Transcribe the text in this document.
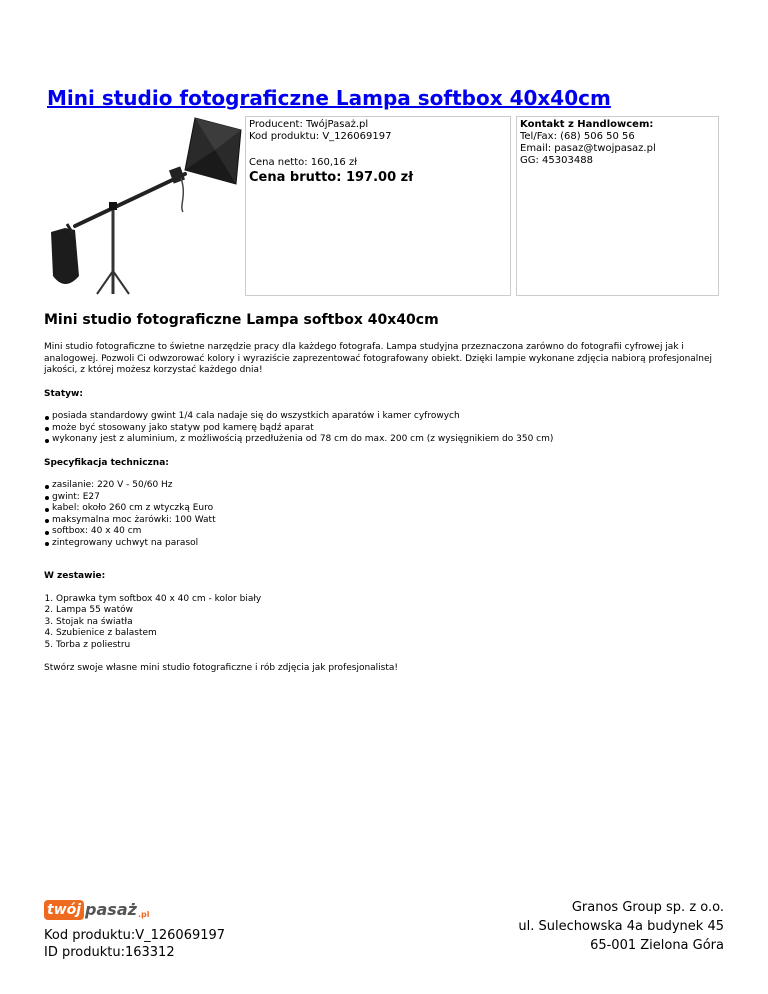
Mini studio fotograficzne Lampa softbox 40x40cm
Producent: TwójPasaż.pl
Kod produktu: V_126069197
Cena netto: 160,16 zł
Cena brutto: 197.00 zł
Kontakt z Handlowcem:
Tel/Fax: (68) 506 50 56
Email: pasaz@twojpasaz.pl
GG: 45303488
Mini studio fotograficzne Lampa softbox 40x40cm

Mini studio fotograficzne to świetne narzędzie pracy dla każdego fotografa. Lampa studyjna przeznaczona zarówno do fotografii cyfrowej jak i analogowej. Pozwoli Ci odwzorować kolory i wyraziście zaprezentować fotografowany obiekt. Dzięki lampie wykonane zdjęcia nabiorą profesjonalnej jakości, z której możesz korzystać każdego dnia!

Statyw:
posiada standardowy gwint 1/4 cala nadaje się do wszystkich aparatów i kamer cyfrowych
może być stosowany jako statyw pod kamerę bądź aparat
wykonany jest z aluminium, z możliwością przedłużenia od 78 cm do max. 200 cm (z wysięgnikiem do 350 cm)
Specyfikacja techniczna:
zasilanie: 220 V - 50/60 Hz
gwint: E27
kabel: około 260 cm z wtyczką Euro
maksymalna moc żarówki: 100 Watt
softbox: 40 x 40 cm
zintegrowany uchwyt na parasol
W zestawie:
1. Oprawka tym softbox 40 x 40 cm - kolor biały
2. Lampa 55 watów
3. Stojak na światła
4. Szubienice z balastem
5. Torba z poliestru

Stwórz swoje własne mini studio fotograficzne i rób zdjęcia jak profesjonalista!

twój pasaż .pl
Kod produktu:V_126069197
ID produktu:163312
Granos Group sp. z o.o.
ul. Sulechowska 4a budynek 45
65-001 Zielona Góra
